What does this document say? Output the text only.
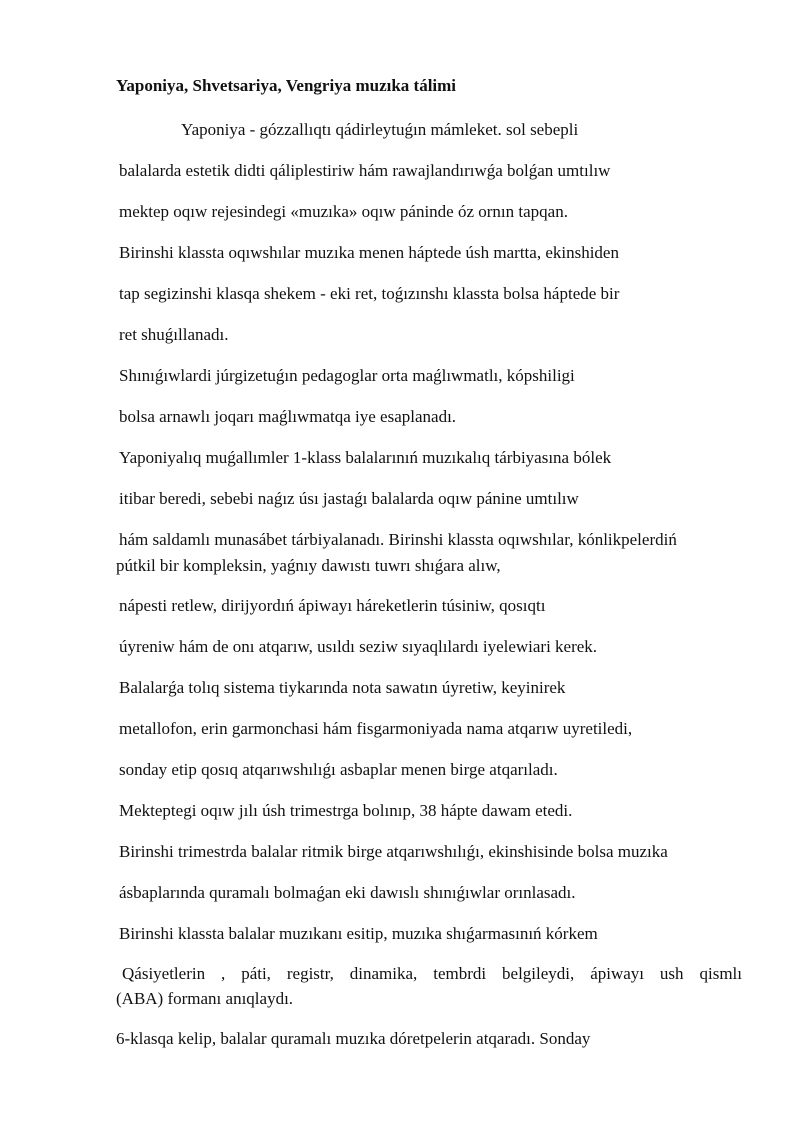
Yaponiya, Shvetsariya, Vengriya muzıka tálimi
Yaponiya - gózzallıqtı qádirleytuǵın mámleket. sol sebepli
balalarda estetik didti qáliplestiriw hám rawajlandırıwǵa bolǵan umtılıw
mektep oqıw rejesindegi «muzıka» oqıw páninde óz ornın tapqan.
Birinshi klassta oqıwshılar muzıka menen háptede úsh martta, ekinshiden
tap segizinshi klasqa shekem - eki ret, toǵızınshı klassta bolsa háptede bir
ret shuǵıllanadı.
Shınıǵıwlardi júrgizetuǵın pedagoglar orta maǵlıwmatlı, kópshiligi
bolsa arnawlı joqarı maǵlıwmatqa iye esaplanadı.
Yaponiyalıq muǵallımler 1-klass balalarınıń muzıkalıq tárbiyasına bólek
itibar beredi, sebebi naǵız úsı jastaǵı balalarda oqıw pánine umtılıw
hám saldamlı munasábet tárbiyalanadı. Birinshi klassta oqıwshılar, kónlikpelerdiń
pútkil bir kompleksin, yaǵnıy dawıstı tuwrı shıǵara alıw,
nápesti retlew, dirijyordıń ápiwayı háreketlerin túsiniw, qosıqtı
úyreniw hám de onı atqarıw, usıldı seziw sıyaqlılardı iyelewiari kerek.
Balalarǵa tolıq sistema tiykarında nota sawatın úyretiw, keyinirek
metallofon, erin garmonchasi hám fisgarmoniyada nama atqarıw uyretiledi,
sonday etip qosıq atqarıwshılıǵı asbaplar menen birge atqarıladı.
Mekteptegi oqıw jılı úsh trimestrga bolınıp, 38 hápte dawam etedi.
Birinshi trimestrda balalar ritmik birge atqarıwshılıǵı, ekinshisinde bolsa muzıka
ásbaplarında quramalı bolmaǵan eki dawıslı shınıǵıwlar orınlasadı.
Birinshi klassta balalar muzıkanı esitip, muzıka shıǵarmasınıń kórkem
Qásiyetlerin , páti, registr, dinamika, tembrdi belgileydi, ápiwayı ush qismlı
(ABA) formanı anıqlaydı.
6-klasqa kelip, balalar quramalı muzıka dóretpelerin atqaradı. Sonday
